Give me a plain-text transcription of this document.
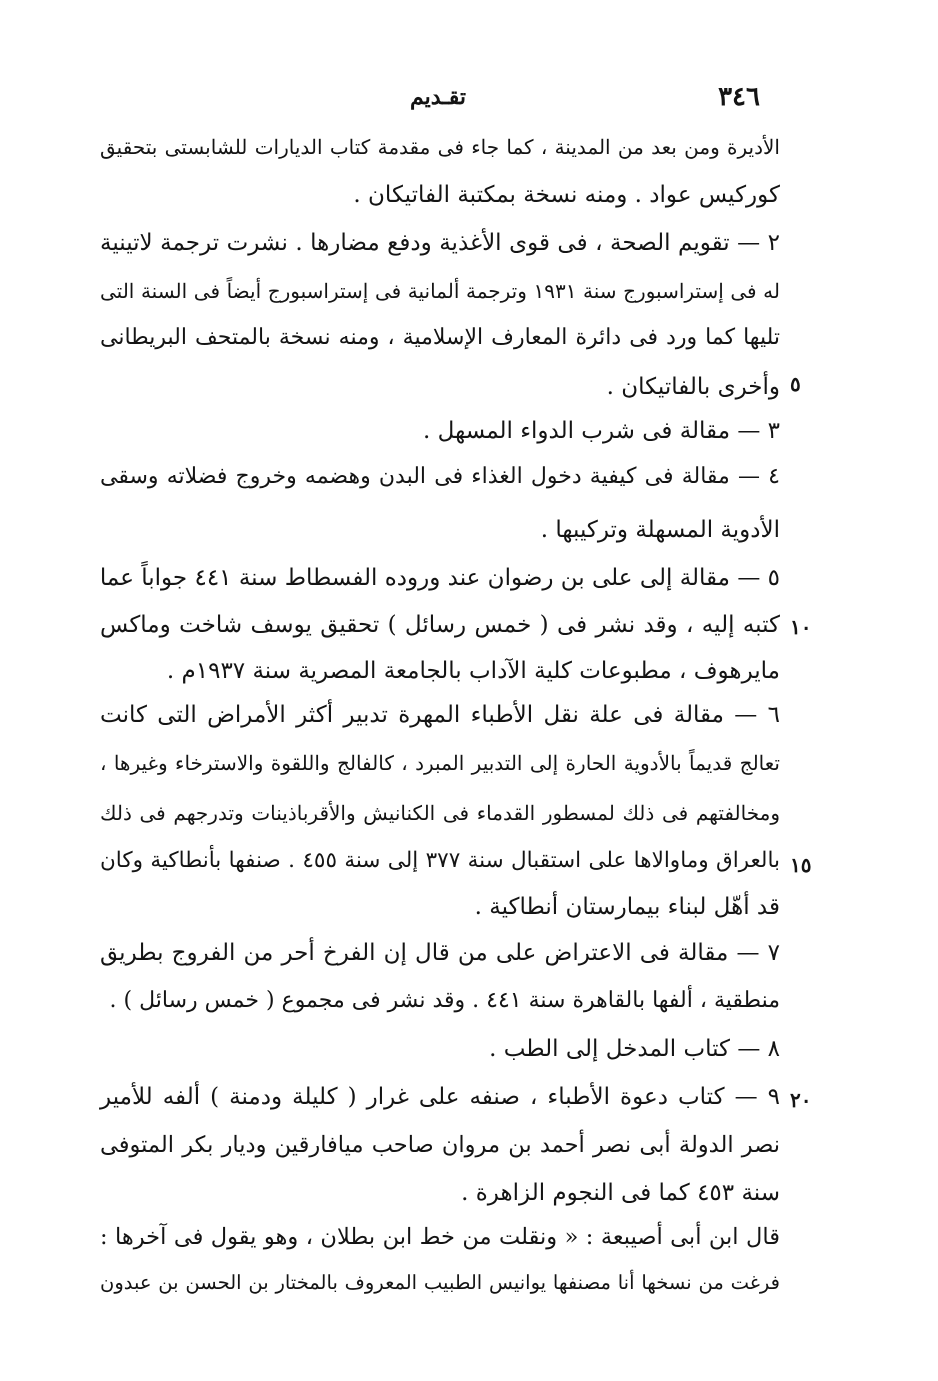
٣٤٦
تقـديم
٥
١٠
١٥
٢٠
الأديرة ومن بعد من المدينة ، كما جاء فى مقدمة كتاب الديارات للشابستى بتحقيق
كوركيس عواد . ومنه نسخة بمكتبة الفاتيكان .
٢ — تقويم الصحة ، فى قوى الأغذية ودفع مضارها . نشرت ترجمة لاتينية
له فى إستراسبورج سنة ١٩٣١ وترجمة ألمانية فى إستراسبورج أيضاً فى السنة التى
تليها كما ورد فى دائرة المعارف الإسلامية ، ومنه نسخة بالمتحف البريطانى
وأخرى بالفاتيكان .
٣ — مقالة فى شرب الدواء المسهل .
٤ — مقالة فى كيفية دخول الغذاء فى البدن وهضمه وخروج فضلاته وسقى
الأدوية المسهلة وتركيبها .
٥ — مقالة إلى على بن رضوان عند وروده الفسطاط سنة ٤٤١ جواباً عما
كتبه إليه ، وقد نشر فى ( خمس رسائل ) تحقيق يوسف شاخت وماكس
مايرهوف ، مطبوعات كلية الآداب بالجامعة المصرية سنة ١٩٣٧م .
٦ — مقالة فى علة نقل الأطباء المهرة تدبير أكثر الأمراض التى كانت
تعالج قديماً بالأدوية الحارة إلى التدبير المبرد ، كالفالج واللقوة والاسترخاء وغيرها ،
ومخالفتهم فى ذلك لمسطور القدماء فى الكنانيش والأقرباذينات وتدرجهم فى ذلك
بالعراق وماوالاها على استقبال سنة ٣٧٧ إلى سنة ٤٥٥ . صنفها بأنطاكية وكان
قد أهّل لبناء بيمارستان أنطاكية .
٧ — مقالة فى الاعتراض على من قال إن الفرخ أحر من الفروج بطريق
منطقية ، ألفها بالقاهرة سنة ٤٤١ . وقد نشر فى مجموع ( خمس رسائل ) .
٨ — كتاب المدخل إلى الطب .
٩ — كتاب دعوة الأطباء ، صنفه على غرار ( كليلة ودمنة ) ألفه للأمير
نصر الدولة أبى نصر أحمد بن مروان صاحب ميافارقين وديار بكر المتوفى
سنة ٤٥٣ كما فى النجوم الزاهرة .
قال ابن أبى أصيبعة : « ونقلت من خط ابن بطلان ، وهو يقول فى آخرها :
فرغت من نسخها أنا مصنفها يوانيس الطبيب المعروف بالمختار بن الحسن بن عبدون
